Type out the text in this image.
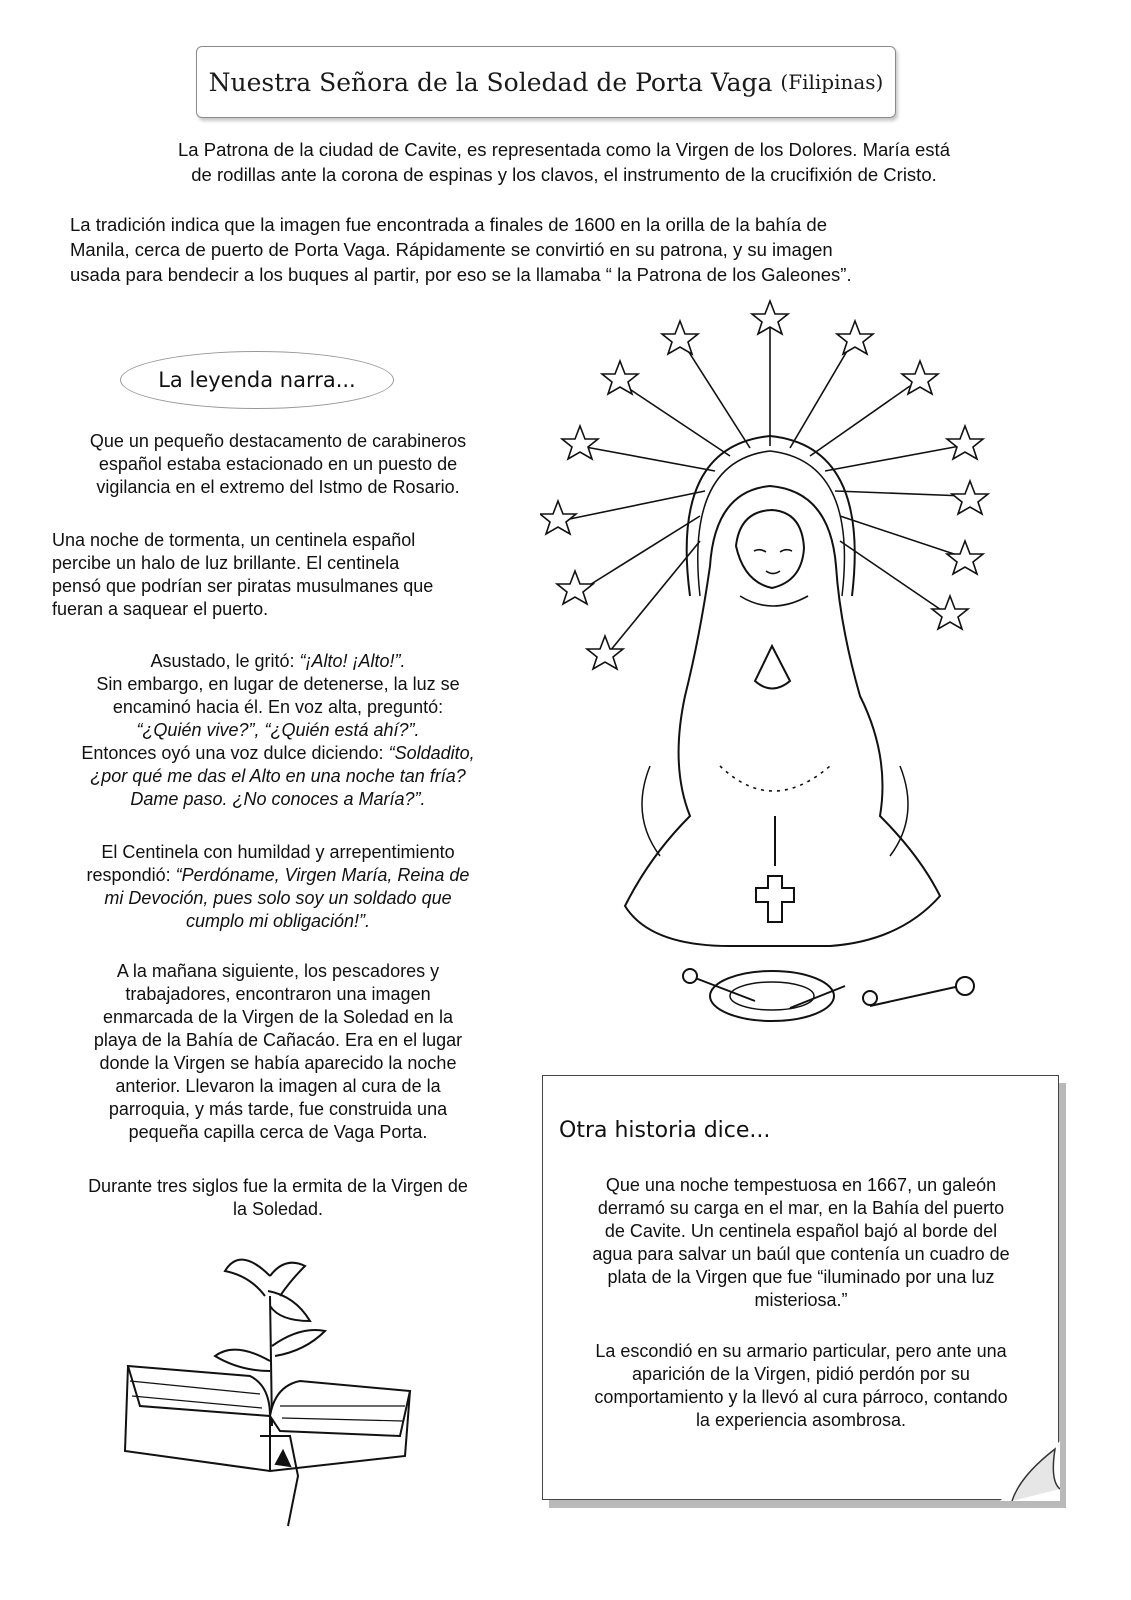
Nuestra Señora de la Soledad de Porta Vaga (Filipinas)
La Patrona de la ciudad de Cavite, es representada como la Virgen de los Dolores. María está
de rodillas ante la corona de espinas y los clavos, el instrumento de la crucifixión de Cristo.
La tradición indica que la imagen fue encontrada a finales de 1600 en la orilla de la bahía de
Manila, cerca de puerto de Porta Vaga. Rápidamente se convirtió en su patrona, y su imagen
usada para bendecir a los buques al partir, por eso se la llamaba “ la Patrona de los Galeones”.
La leyenda narra...
Que un pequeño destacamento de carabineros
español estaba estacionado en un puesto de
vigilancia en el extremo del Istmo de Rosario.
Una noche de tormenta, un centinela español
percibe un halo de luz brillante. El centinela
pensó que podrían ser piratas musulmanes que
fueran a saquear el puerto.
Asustado, le gritó: “¡Alto! ¡Alto!”.
Sin embargo, en lugar de detenerse, la luz se
encaminó hacia él. En voz alta, preguntó:
“¿Quién vive?”, “¿Quién está ahí?”.
Entonces oyó una voz dulce diciendo: “Soldadito,
¿por qué me das el Alto en una noche tan fría?
Dame paso. ¿No conoces a María?”.
El Centinela con humildad y arrepentimiento
respondió: “Perdóname, Virgen María, Reina de
mi Devoción, pues solo soy un soldado que
cumplo mi obligación!”.
A la mañana siguiente, los pescadores y
trabajadores, encontraron una imagen
enmarcada de la Virgen de la Soledad en la
playa de la Bahía de Cañacáo. Era en el lugar
donde la Virgen se había aparecido la noche
anterior. Llevaron la imagen al cura de la
parroquia, y más tarde, fue construida una
pequeña capilla cerca de Vaga Porta.
Durante tres siglos fue la ermita de la Virgen de
la Soledad.
Otra historia dice...
Que una noche tempestuosa en 1667, un galeón
derramó su carga en el mar, en la Bahía del puerto
de Cavite. Un centinela español bajó al borde del
agua para salvar un baúl que contenía un cuadro de
plata de la Virgen que fue “iluminado por una luz
misteriosa.”
La escondió en su armario particular, pero ante una
aparición de la Virgen, pidió perdón por su
comportamiento y la llevó al cura párroco, contando
la experiencia asombrosa.
